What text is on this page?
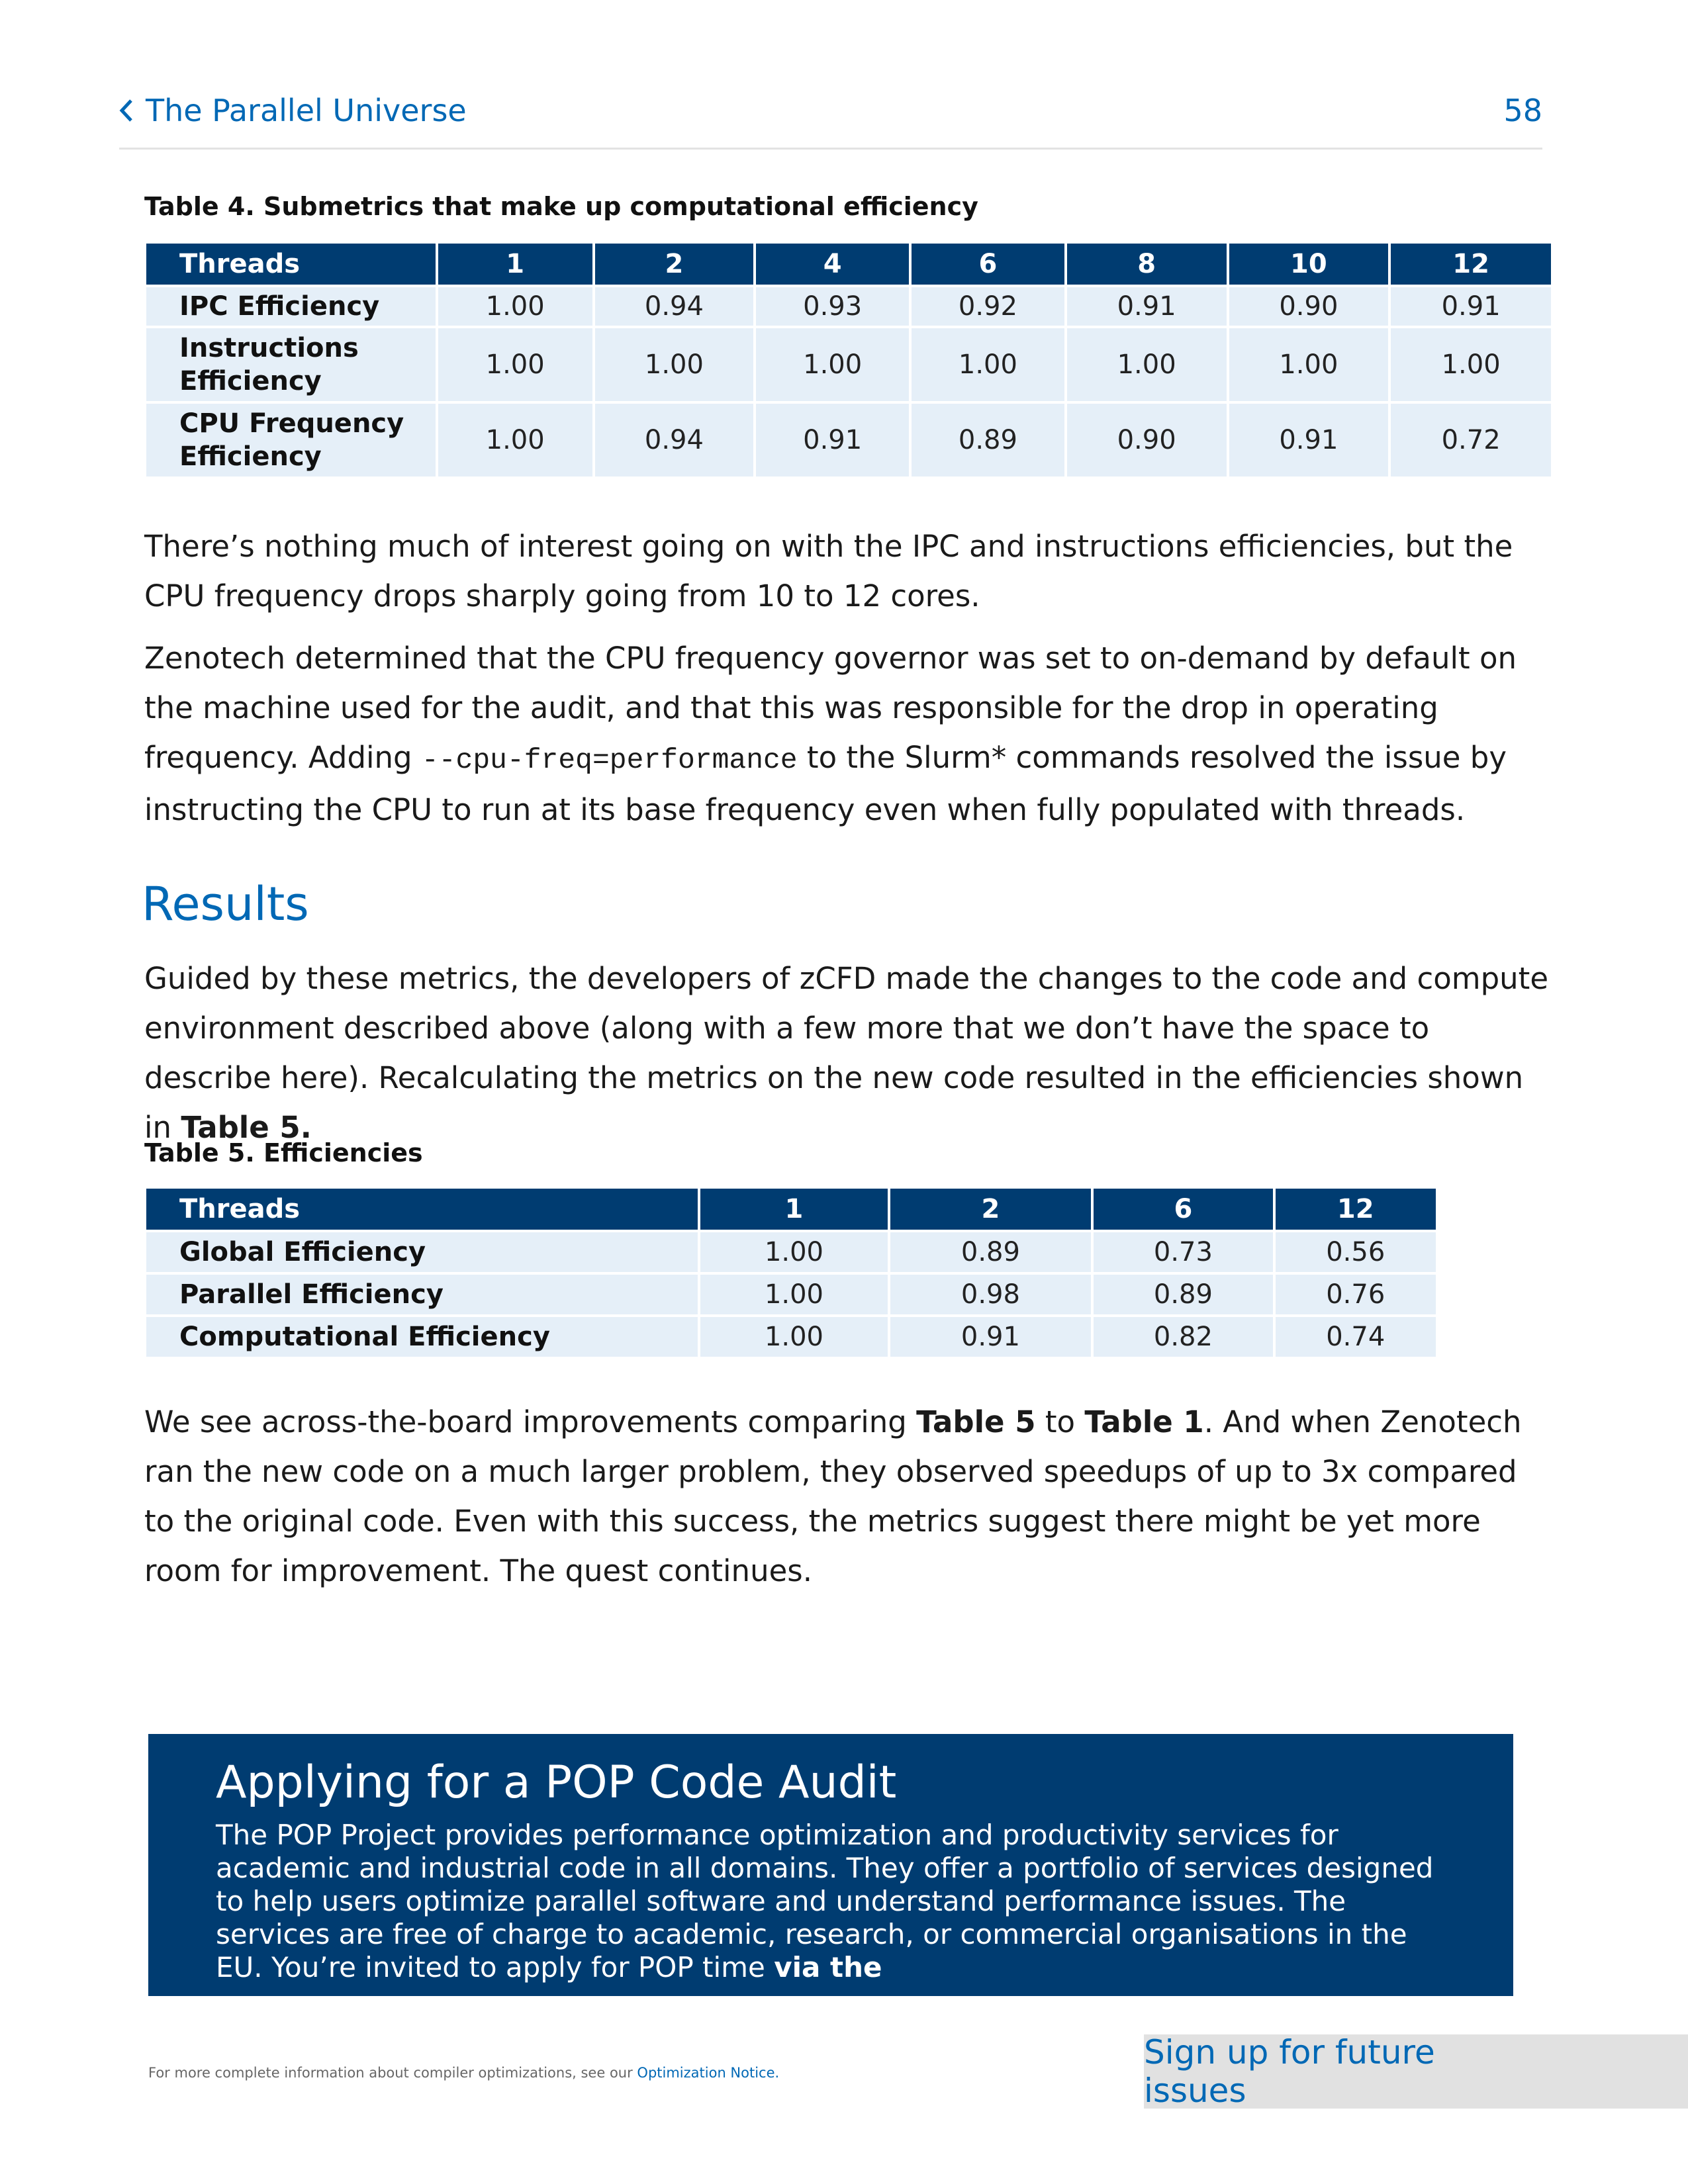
The Parallel Universe	58
Table 4. Submetrics that make up computational efficiency
Threads	1	2	4	6	8	10	12

IPC Efficiency	1.00	0.94	0.93	0.92	0.91	0.90	0.91

Instructions
Efficiency	1.00	1.00	1.00	1.00	1.00	1.00	1.00

CPU Frequency
Efficiency	1.00	0.94	0.91	0.89	0.90	0.91	0.72
There’s nothing much of interest going on with the IPC and instructions efficiencies, but the CPU frequency drops sharply going from 10 to 12 cores.
Zenotech determined that the CPU frequency governor was set to on-demand by default on the machine used for the audit, and that this was responsible for the drop in operating frequency. Adding --cpu-freq=performance to the Slurm* commands resolved the issue by instructing the CPU to run at its base frequency even when fully populated with threads.
Results
Guided by these metrics, the developers of zCFD made the changes to the code and compute environment described above (along with a few more that we don’t have the space to describe here). Recalculating the metrics on the new code resulted in the efficiencies shown in Table 5.
Table 5. Efficiencies
Threads	1	2	6	12

Global Efficiency	1.00	0.89	0.73	0.56

Parallel Efficiency	1.00	0.98	0.89	0.76

Computational Efficiency	1.00	0.91	0.82	0.74
We see across-the-board improvements comparing Table 5 to Table 1. And when Zenotech ran the new code on a much larger problem, they observed speedups of up to 3x compared to the original code. Even with this success, the metrics suggest there might be yet more room for improvement. The quest continues.
Applying for a POP Code Audit
The POP Project provides performance optimization and productivity services for academic and industrial code in all domains. They offer a portfolio of services designed to help users optimize parallel software and understand performance issues. The services are free of charge to academic, research, or commercial organisations in the EU. You’re invited to apply for POP time via the
For more complete information about compiler optimizations, see our Optimization Notice.
Sign up for future issues
